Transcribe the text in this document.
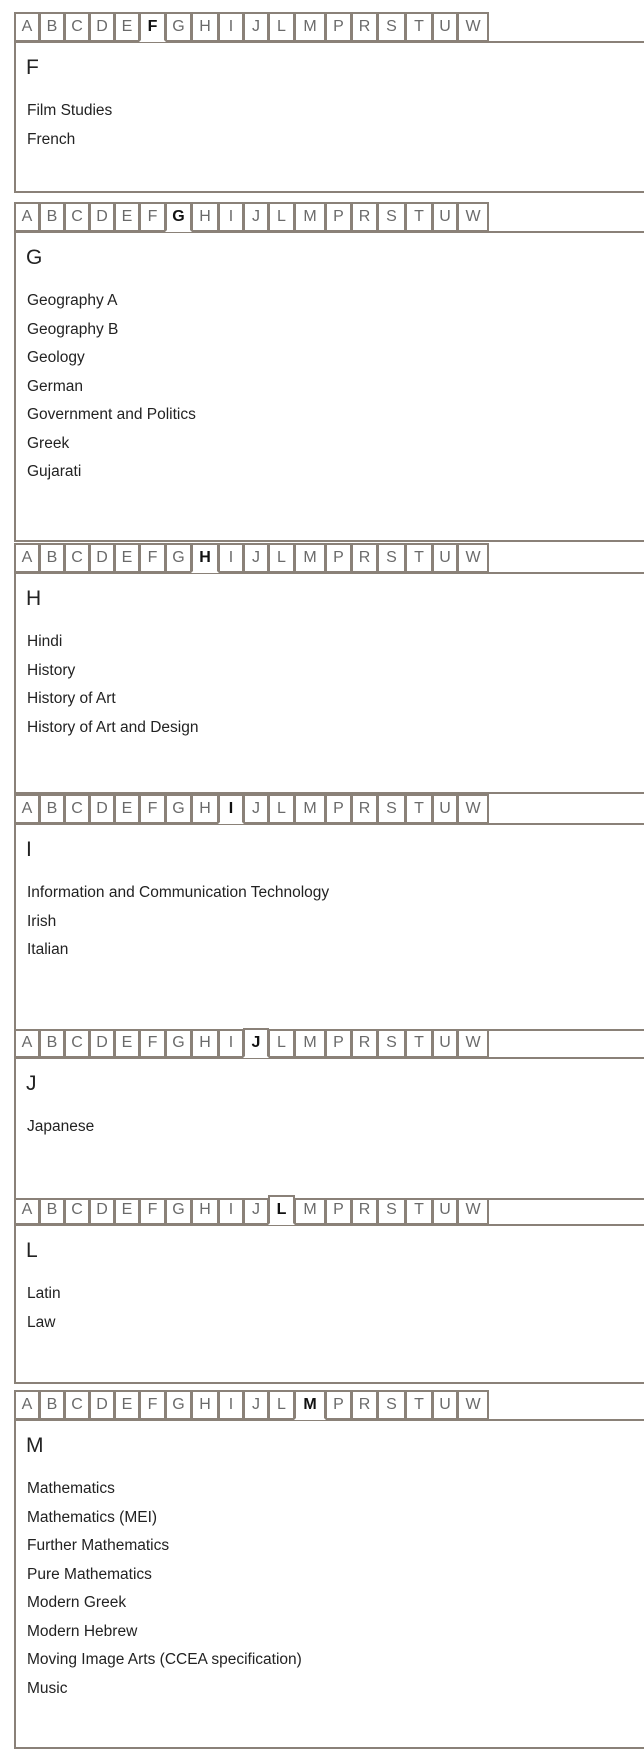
A B C D E F G H	I	J	L	M	P R S	T U W
F
Film Studies
French
A B C D E F G H	I	J	L	M	P R S	T U W
G
Geography A
Geography B
Geology
German
Government and Politics
Greek
Gujarati
A B C D E F G H	I	J	L	M	P R S	T U W
H
Hindi
History
History of Art
History of Art and Design
A B C D E F G H	I	J	L	M	P R S	T U W
I
Information and Communication Technology
Irish
Italian
A B C D E F G H	I	J	L	M	P R S	T U W
J
Japanese
A B C D E F G H	I	J	L	M	P R S	T U W
L
Latin
Law
A B C D E F G H	I	J	L	M	P R S	T U W
M
Mathematics
Mathematics (MEI)
Further Mathematics
Pure Mathematics
Modern Greek
Modern Hebrew
Moving Image Arts (CCEA specification)
Music
